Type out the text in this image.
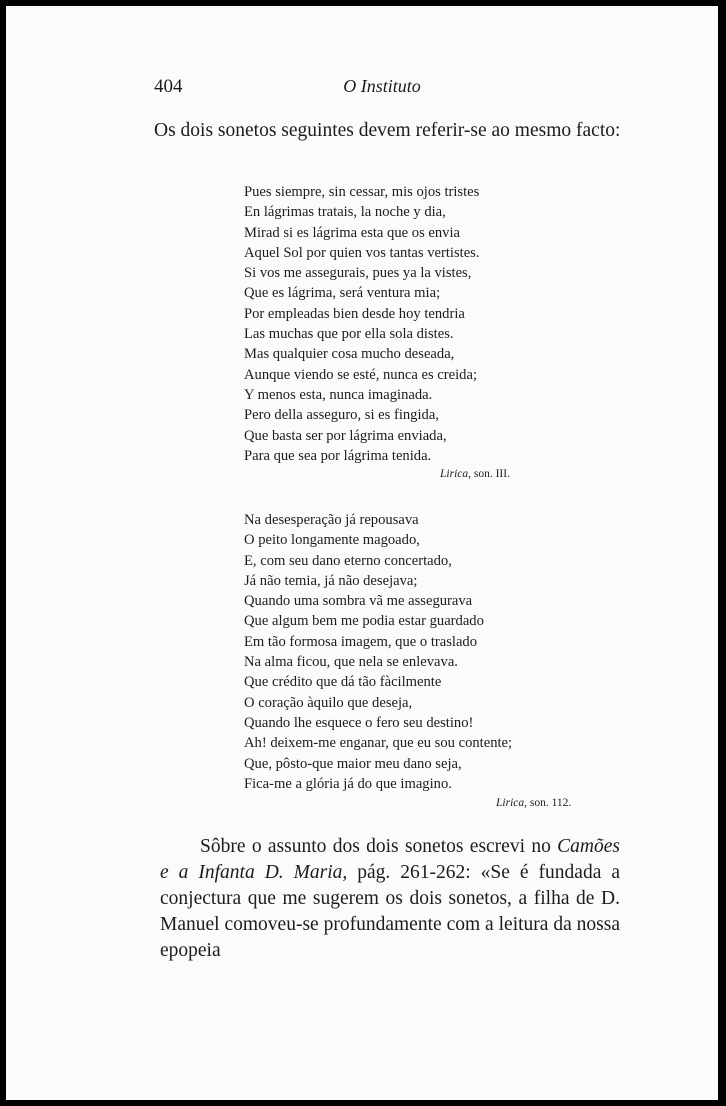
404	O Instituto

Os dois sonetos seguintes devem referir-se ao mesmo facto:

Pues siempre, sin cessar, mis ojos tristes
En lágrimas tratais, la noche y dia,
Mirad si es lágrima esta que os envia
Aquel Sol por quien vos tantas vertistes.
Si vos me assegurais, pues ya la vistes,
Que es lágrima, será ventura mia;
Por empleadas bien desde hoy tendria
Las muchas que por ella sola distes.
Mas qualquier cosa mucho deseada,
Aunque viendo se esté, nunca es creida;
Y menos esta, nunca imaginada.
Pero della asseguro, si es fingida,
Que basta ser por lágrima enviada,
Para que sea por lágrima tenida.
Lirica, son. III.
Na desesperação já repousava
O peito longamente magoado,
E, com seu dano eterno concertado,
Já não temia, já não desejava;
Quando uma sombra vã me assegurava
Que algum bem me podia estar guardado
Em tão formosa imagem, que o traslado
Na alma ficou, que nela se enlevava.
Que crédito que dá tão fàcilmente
O coração àquilo que deseja,
Quando lhe esquece o fero seu destino!
Ah! deixem-me enganar, que eu sou contente;
Que, pôsto-que maior meu dano seja,
Fica-me a glória já do que imagino.
Lirica, son. 112.

Sôbre o assunto dos dois sonetos escrevi no Camões e a Infanta D. Maria, pág. 261-262: «Se é fundada a conjectura que me sugerem os dois sonetos, a filha de D. Manuel comoveu-se profundamente com a leitura da nossa epopeia
